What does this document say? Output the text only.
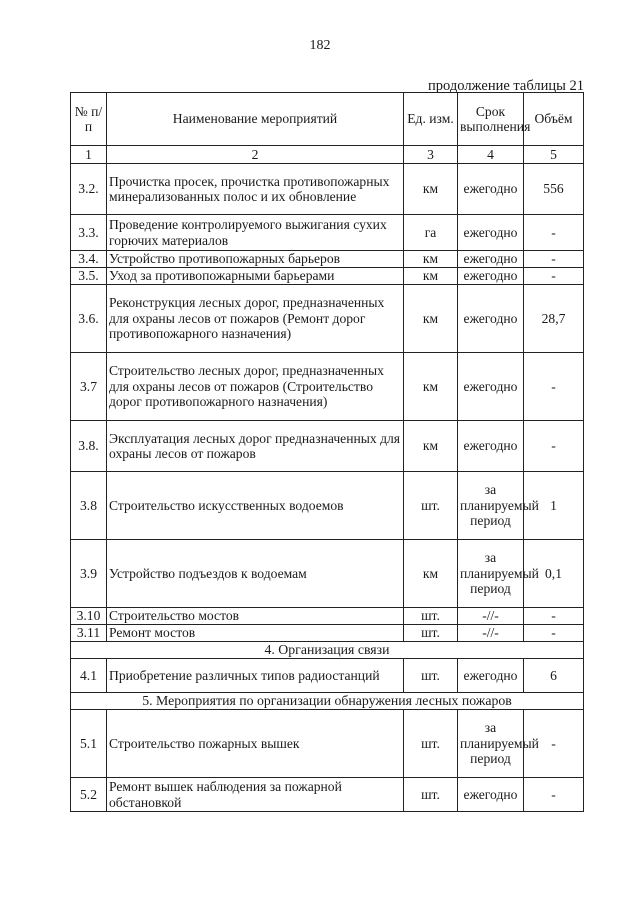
182
продолжение таблицы 21
№ п/п	Наименование мероприятий	Ед. изм.	Срок выполнения	Объём
1	2	3	4	5
3.2.	Прочистка просек, прочистка противопожарных минерализованных полос и их обновление	км	ежегодно	556
3.3.	Проведение контролируемого выжигания сухих горючих материалов	га	ежегодно	-
3.4.	Устройство противопожарных барьеров	км	ежегодно	-
3.5.	Уход за противопожарными барьерами	км	ежегодно	-
3.6.	Реконструкция лесных дорог, предназначенных для охраны лесов от пожаров (Ремонт дорог противопожарного назначения)	км	ежегодно	28,7
3.7	Строительство лесных дорог, предназначенных для охраны лесов от пожаров (Строительство дорог противопожарного назначения)	км	ежегодно	-
3.8.	Эксплуатация лесных дорог предназначенных для охраны лесов от пожаров	км	ежегодно	-
3.8	Строительство искусственных водоемов	шт.	за планируемый период	1
3.9	Устройство подъездов к водоемам	км	за планируемый период	0,1
3.10	Строительство мостов	шт.	-//-	-
3.11	Ремонт мостов	шт.	-//-	-
4. Организация связи				
4.1	Приобретение различных типов радиостанций	шт.	ежегодно	6
5. Мероприятия по организации обнаружения лесных пожаров				
5.1	Строительство пожарных вышек	шт.	за планируемый период	-
5.2	Ремонт вышек наблюдения за пожарной обстановкой	шт.	ежегодно	-
